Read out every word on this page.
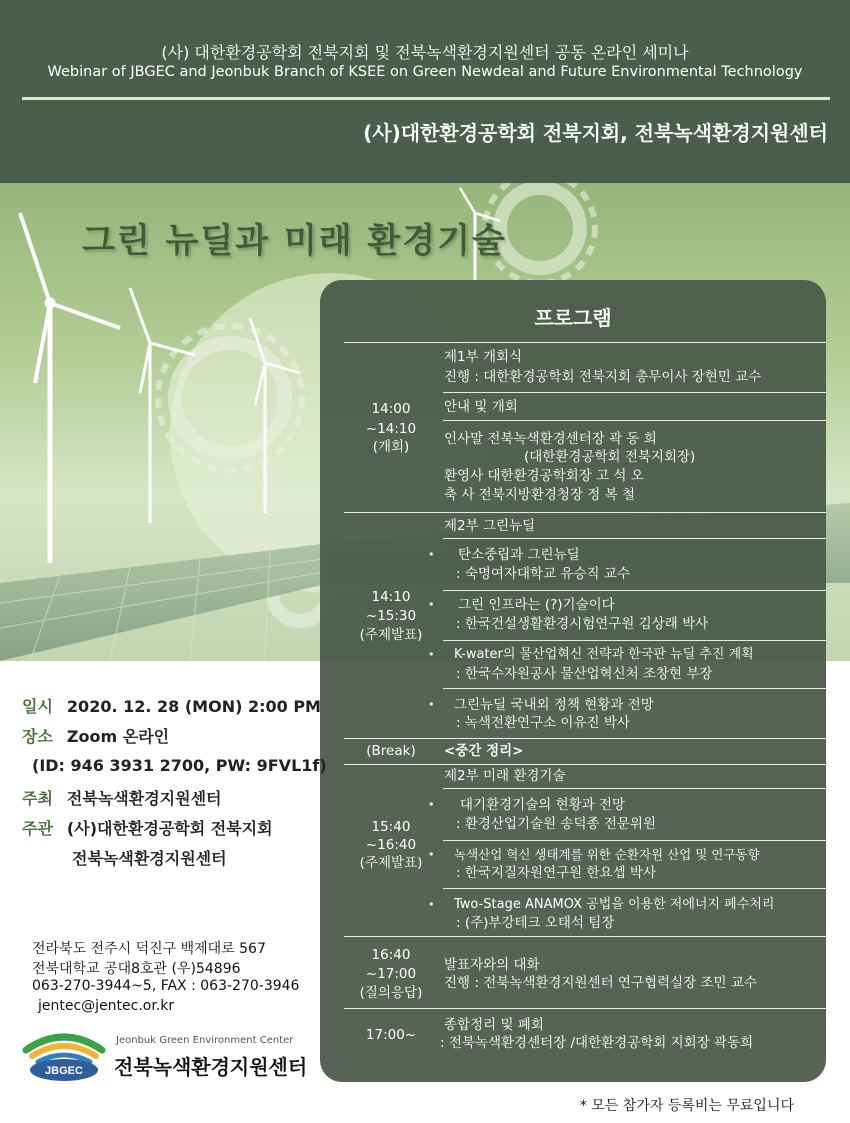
(사) 대한환경공학회 전북지회 및 전북녹색환경지원센터 공동 온라인 세미나
Webinar of JBGEC and Jeonbuk Branch of KSEE on Green Newdeal and Future Environmental Technology
(사)대한환경공학회 전북지회, 전북녹색환경지원센터
그린 뉴딜과 미래 환경기술
프로그램
14:00
~14:10
(개회)
제1부 개회식
진행 : 대한환경공학회 전북지회 총무이사 장현민 교수
안내 및 개회
인사말 전북녹색환경센터장 곽 동 희
(대한환경공학회 전북지회장)
환영사 대한환경공학회장 고 석 오
축 사 전북지방환경청장 정 복 철
14:10
~15:30
(주제발표)
제2부 그린뉴딜
• 탄소중립과 그린뉴딜
: 숙명여자대학교 유승직 교수
• 그린 인프라는 (?)기술이다
: 한국건설생활환경시험연구원 김상래 박사
• K-water의 물산업혁신 전략과 한국판 뉴딜 추진 계획
: 한국수자원공사 물산업혁신처 조창현 부장
• 그린뉴딜 국내외 정책 현황과 전망
: 녹색전환연구소 이유진 박사
(Break)	<중간 정리>
15:40
~16:40
(주제발표)
제2부 미래 환경기술
• 대기환경기술의 현황과 전망
: 환경산업기술원 송덕종 전문위원
• 녹색산업 혁신 생태계를 위한 순환자원 산업 및 연구동향
: 한국지질자원연구원 한요셉 박사
• Two-Stage ANAMOX 공법을 이용한 저에너지 폐수처리
: (주)부강테크 오태석 팀장
16:40
~17:00
(질의응답)
발표자와의 대화
진행 : 전북녹색환경지원센터 연구협력실장 조민 교수
17:00~
종합정리 및 폐회
: 전북녹색환경센터장 /대한환경공학회 지회장 곽동희
일시 2020. 12. 28 (MON) 2:00 PM
장소 Zoom 온라인
(ID: 946 3931 2700, PW: 9FVL1f)
주최 전북녹색환경지원센터
주관 (사)대한환경공학회 전북지회
전북녹색환경지원센터
전라북도 전주시 덕진구 백제대로 567
전북대학교 공대8호관 (우)54896
063-270-3944~5, FAX : 063-270-3946
jentec@jentec.or.kr
JBGEC
Jeonbuk Green Environment Center
전북녹색환경지원센터
* 모든 참가자 등록비는 무료입니다
